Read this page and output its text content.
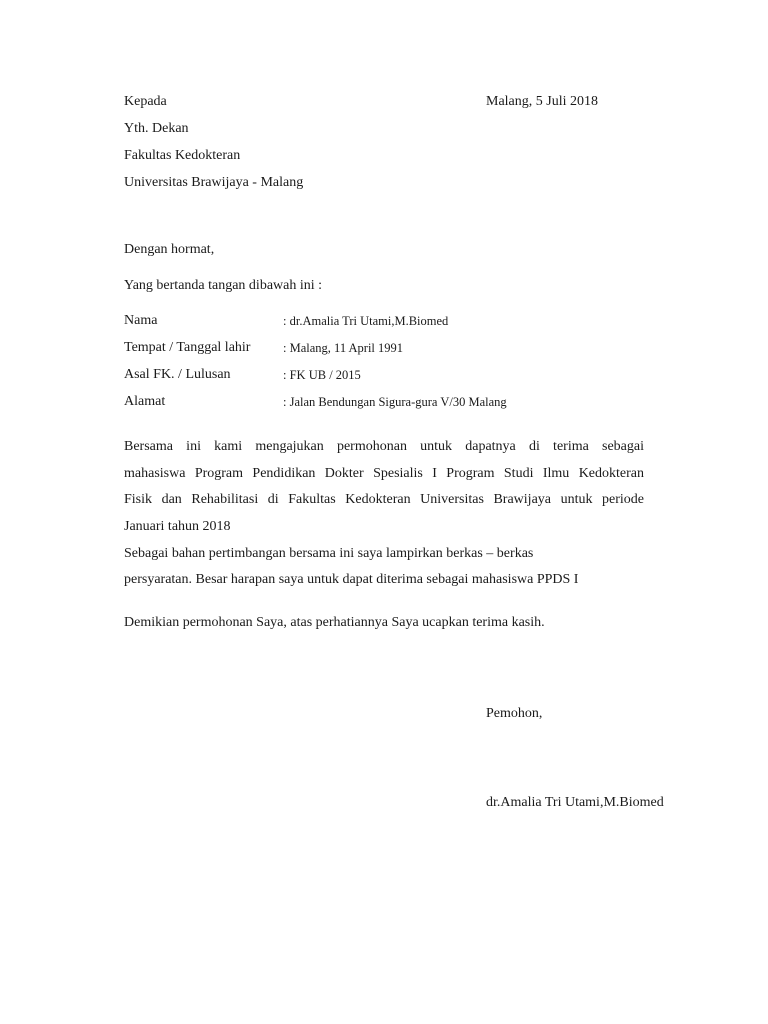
Kepada	Malang, 5 Juli 2018
Yth. Dekan
Fakultas Kedokteran
Universitas Brawijaya - Malang
Dengan hormat,
Yang bertanda tangan dibawah ini :
Nama	: dr.Amalia Tri Utami,M.Biomed
Tempat / Tanggal lahir	: Malang, 11 April 1991
Asal FK. / Lulusan	: FK UB / 2015
Alamat	: Jalan Bendungan Sigura-gura V/30 Malang
Bersama ini kami mengajukan permohonan untuk dapatnya di terima sebagai
mahasiswa Program Pendidikan Dokter Spesialis I Program Studi Ilmu Kedokteran
Fisik dan Rehabilitasi di Fakultas Kedokteran Universitas Brawijaya untuk periode
Januari tahun 2018
Sebagai bahan pertimbangan bersama ini saya lampirkan berkas – berkas
persyaratan. Besar harapan saya untuk dapat diterima sebagai mahasiswa PPDS I
Demikian permohonan Saya, atas perhatiannya Saya ucapkan terima kasih.
Pemohon,
dr.Amalia Tri Utami,M.Biomed
